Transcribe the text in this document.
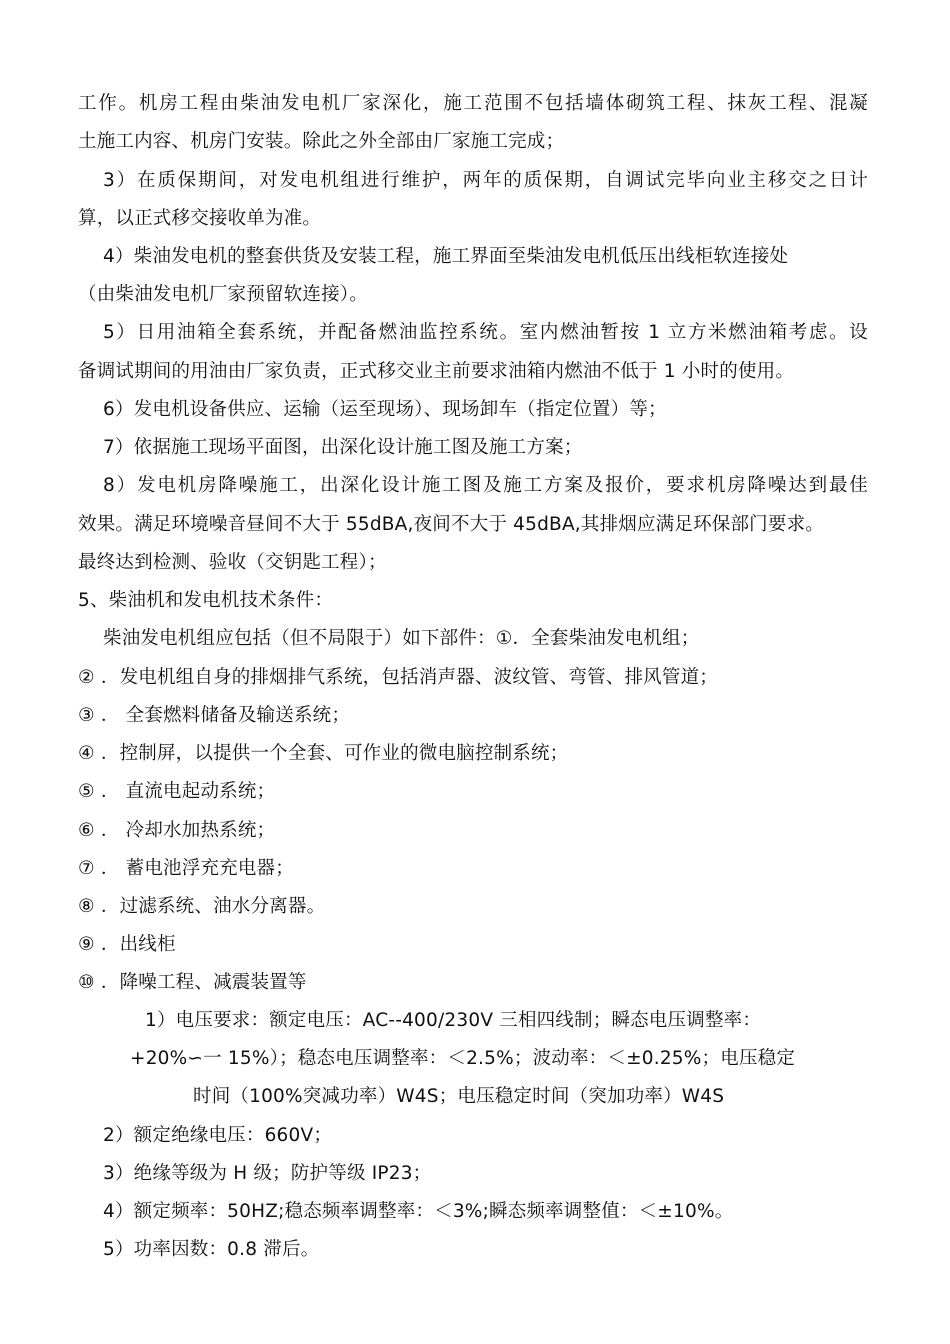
工作。机房工程由柴油发电机厂家深化，施工范围不包括墙体砌筑工程、抹灰工程、混凝
土施工内容、机房门安装。除此之外全部由厂家施工完成；
3）在质保期间，对发电机组进行维护，两年的质保期，自调试完毕向业主移交之日计
算，以正式移交接收单为准。
4）柴油发电机的整套供货及安装工程，施工界面至柴油发电机低压出线柜软连接处
（由柴油发电机厂家预留软连接）。
5）日用油箱全套系统，并配备燃油监控系统。室内燃油暂按 1 立方米燃油箱考虑。设
备调试期间的用油由厂家负责，正式移交业主前要求油箱内燃油不低于 1 小时的使用。
6）发电机设备供应、运输（运至现场）、现场卸车（指定位置）等；
7）依据施工现场平面图，出深化设计施工图及施工方案；
8）发电机房降噪施工，出深化设计施工图及施工方案及报价，要求机房降噪达到最佳
效果。满足环境噪音昼间不大于 55dBA,夜间不大于 45dBA,其排烟应满足环保部门要求。
最终达到检测、验收（交钥匙工程）；
5、柴油机和发电机技术条件：
柴油发电机组应包括（但不局限于）如下部件：①．全套柴油发电机组；
② ．发电机组自身的排烟排气系统，包括消声器、波纹管、弯管、排风管道；
③ ． 全套燃料储备及输送系统；
④ ．控制屏，以提供一个全套、可作业的微电脑控制系统；
⑤ ． 直流电起动系统；
⑥ ． 冷却水加热系统；
⑦ ． 蓄电池浮充充电器；
⑧ ．过滤系统、油水分离器。
⑨ ．出线柜
⑩ ．降噪工程、减震装置等
1）电压要求：额定电压：AC--400/230V 三相四线制；瞬态电压调整率：
+20%∽一 15%）；稳态电压调整率：＜2.5%；波动率：＜±0.25%；电压稳定
时间（100%突减功率）W4S；电压稳定时间（突加功率）W4S
2）额定绝缘电压：660V；
3）绝缘等级为 H 级；防护等级 IP23；
4）额定频率：50HZ;稳态频率调整率：＜3%;瞬态频率调整值：＜±10%。
5）功率因数：0.8 滞后。
